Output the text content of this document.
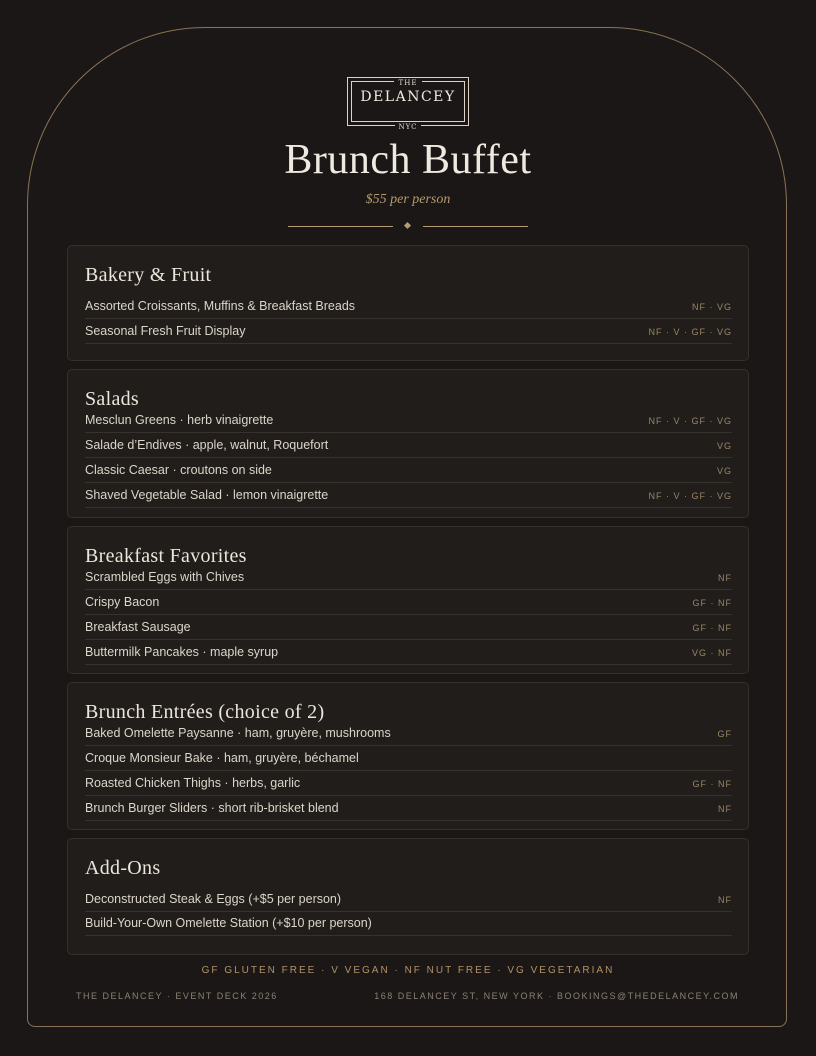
THE
DELANCEY
NYC
Brunch Buffet
$55 per person
Bakery & Fruit
Assorted Croissants, Muffins & Breakfast Breads	NF · VG
Seasonal Fresh Fruit Display	NF · V · GF · VG
Salads
Mesclun Greens · herb vinaigrette	NF · V · GF · VG
Salade d’Endives · apple, walnut, Roquefort	VG
Classic Caesar · croutons on side	VG
Shaved Vegetable Salad · lemon vinaigrette	NF · V · GF · VG
Breakfast Favorites
Scrambled Eggs with Chives	NF
Crispy Bacon	GF · NF
Breakfast Sausage	GF · NF
Buttermilk Pancakes · maple syrup	VG · NF
Brunch Entrées (choice of 2)
Baked Omelette Paysanne · ham, gruyère, mushrooms	GF
Croque Monsieur Bake · ham, gruyère, béchamel
Roasted Chicken Thighs · herbs, garlic	GF · NF
Brunch Burger Sliders · short rib-brisket blend	NF
Add-Ons
Deconstructed Steak & Eggs (+$5 per person)	NF
Build-Your-Own Omelette Station (+$10 per person)
GF GLUTEN FREE · V VEGAN · NF NUT FREE · VG VEGETARIAN
THE DELANCEY · EVENT DECK 2026	168 DELANCEY ST, NEW YORK · BOOKINGS@THEDELANCEY.COM
